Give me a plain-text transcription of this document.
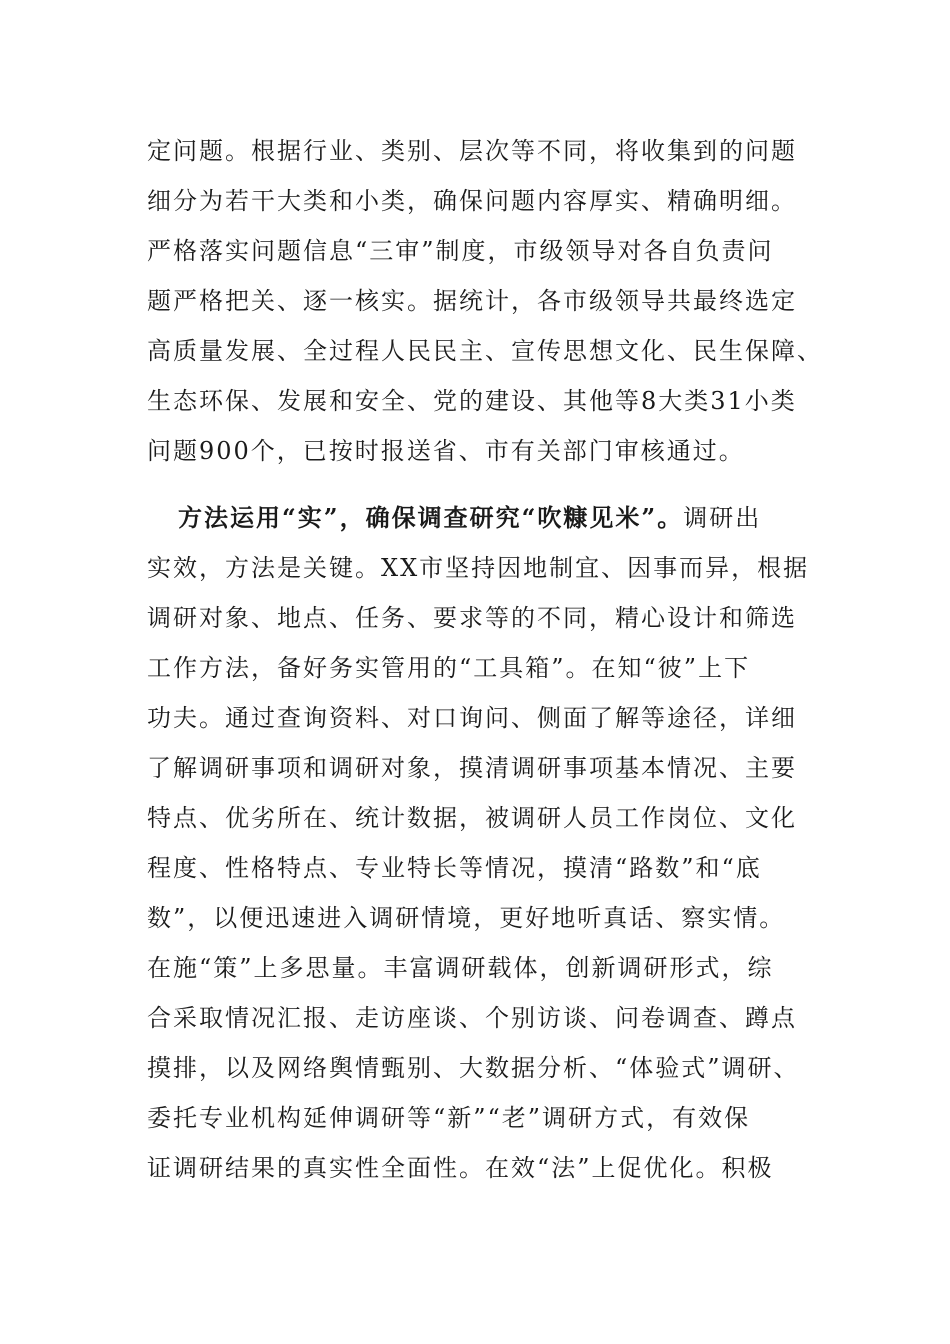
定问题。根据行业、类别、层次等不同，将收集到的问题
细分为若干大类和小类，确保问题内容厚实、精确明细。
严格落实问题信息“三审”制度，市级领导对各自负责问
题严格把关、逐一核实。据统计，各市级领导共最终选定
高质量发展、全过程人民民主、宣传思想文化、民生保障、
生态环保、发展和安全、党的建设、其他等8大类31小类
问题900个，已按时报送省、市有关部门审核通过。
方法运用“实”，确保调查研究“吹糠见米”。调研出
实效，方法是关键。XX市坚持因地制宜、因事而异，根据
调研对象、地点、任务、要求等的不同，精心设计和筛选
工作方法，备好务实管用的“工具箱”。在知“彼”上下
功夫。通过查询资料、对口询问、侧面了解等途径，详细
了解调研事项和调研对象，摸清调研事项基本情况、主要
特点、优劣所在、统计数据，被调研人员工作岗位、文化
程度、性格特点、专业特长等情况，摸清“路数”和“底
数”，以便迅速进入调研情境，更好地听真话、察实情。
在施“策”上多思量。丰富调研载体，创新调研形式，综
合采取情况汇报、走访座谈、个别访谈、问卷调查、蹲点
摸排，以及网络舆情甄别、大数据分析、“体验式”调研、
委托专业机构延伸调研等“新”“老”调研方式，有效保
证调研结果的真实性全面性。在效“法”上促优化。积极
